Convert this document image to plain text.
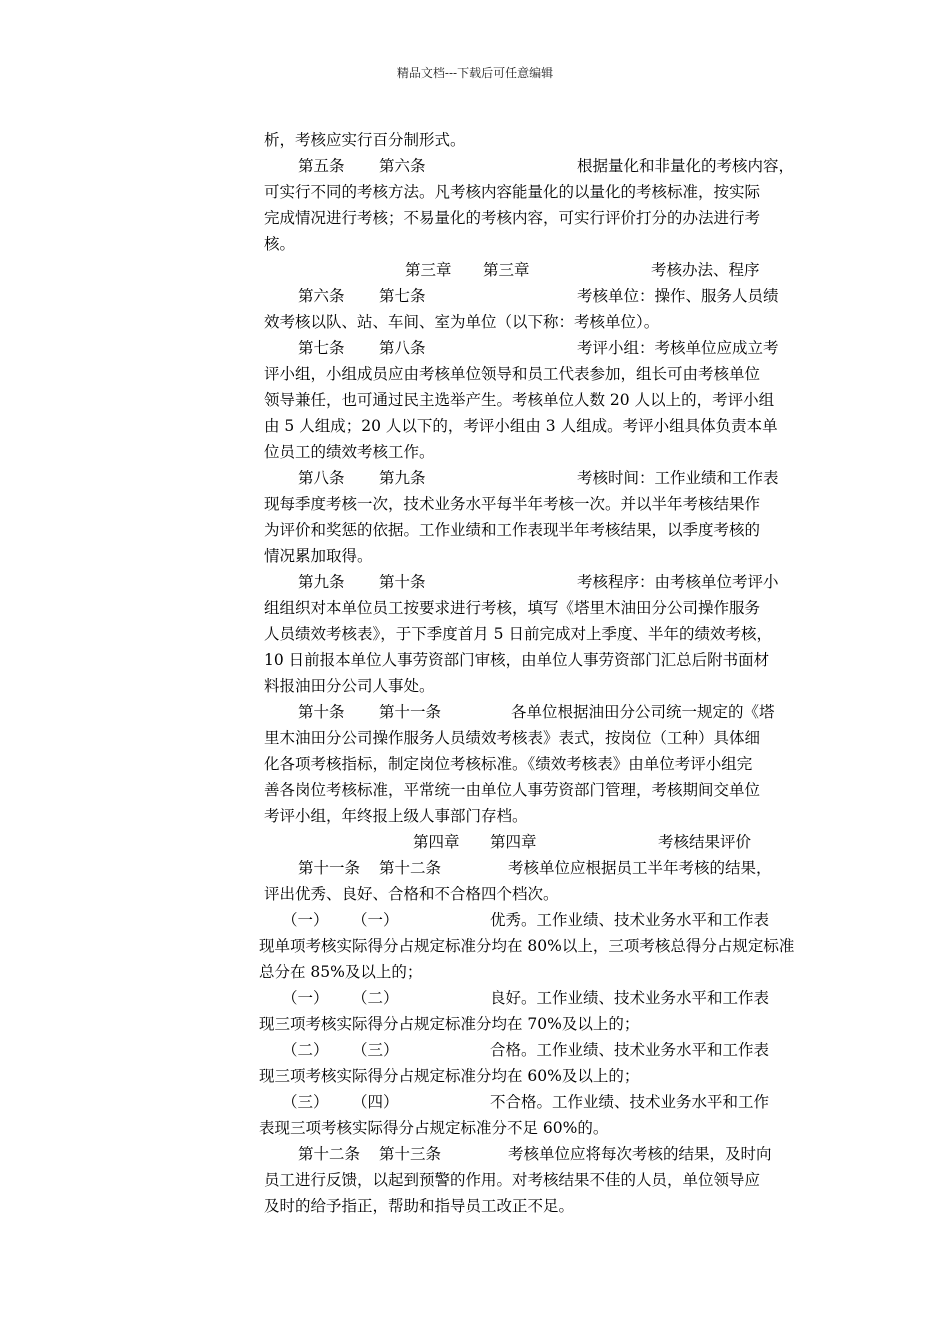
精品文档---下载后可任意编辑
析，考核应实行百分制形式。
第五条 第六条	根据量化和非量化的考核内容，
可实行不同的考核方法。凡考核内容能量化的以量化的考核标准，按实际
完成情况进行考核；不易量化的考核内容，可实行评价打分的办法进行考
核。
第三章 第三章	考核办法、程序
第六条 第七条	考核单位：操作、服务人员绩
效考核以队、站、车间、室为单位（以下称：考核单位）。
第七条 第八条	考评小组：考核单位应成立考
评小组，小组成员应由考核单位领导和员工代表参加，组长可由考核单位
领导兼任，也可通过民主选举产生。考核单位人数 20 人以上的，考评小组
由 5 人组成；20 人以下的，考评小组由 3 人组成。考评小组具体负责本单
位员工的绩效考核工作。
第八条 第九条	考核时间：工作业绩和工作表
现每季度考核一次，技术业务水平每半年考核一次。并以半年考核结果作
为评价和奖惩的依据。工作业绩和工作表现半年考核结果，以季度考核的
情况累加取得。
第九条 第十条	考核程序：由考核单位考评小
组组织对本单位员工按要求进行考核，填写《塔里木油田分公司操作服务
人员绩效考核表》，于下季度首月 5 日前完成对上季度、半年的绩效考核，
10 日前报本单位人事劳资部门审核，由单位人事劳资部门汇总后附书面材
料报油田分公司人事处。
第十条 第十一条	各单位根据油田分公司统一规定的《塔
里木油田分公司操作服务人员绩效考核表》表式，按岗位（工种）具体细
化各项考核指标，制定岗位考核标准。《绩效考核表》由单位考评小组完
善各岗位考核标准，平常统一由单位人事劳资部门管理，考核期间交单位
考评小组，年终报上级人事部门存档。
第四章 第四章	考核结果评价
第十一条 第十二条	考核单位应根据员工半年考核的结果，
评出优秀、良好、合格和不合格四个档次。
（一） （一）	优秀。工作业绩、技术业务水平和工作表
现单项考核实际得分占规定标准分均在 80%以上，三项考核总得分占规定标准
总分在 85%及以上的；
（一） （二）	良好。工作业绩、技术业务水平和工作表
现三项考核实际得分占规定标准分均在 70%及以上的；
（二） （三）	合格。工作业绩、技术业务水平和工作表
现三项考核实际得分占规定标准分均在 60%及以上的；
（三） （四）	不合格。工作业绩、技术业务水平和工作
表现三项考核实际得分占规定标准分不足 60%的。
第十二条 第十三条	考核单位应将每次考核的结果，及时向
员工进行反馈，以起到预警的作用。对考核结果不佳的人员，单位领导应
及时的给予指正，帮助和指导员工改正不足。
